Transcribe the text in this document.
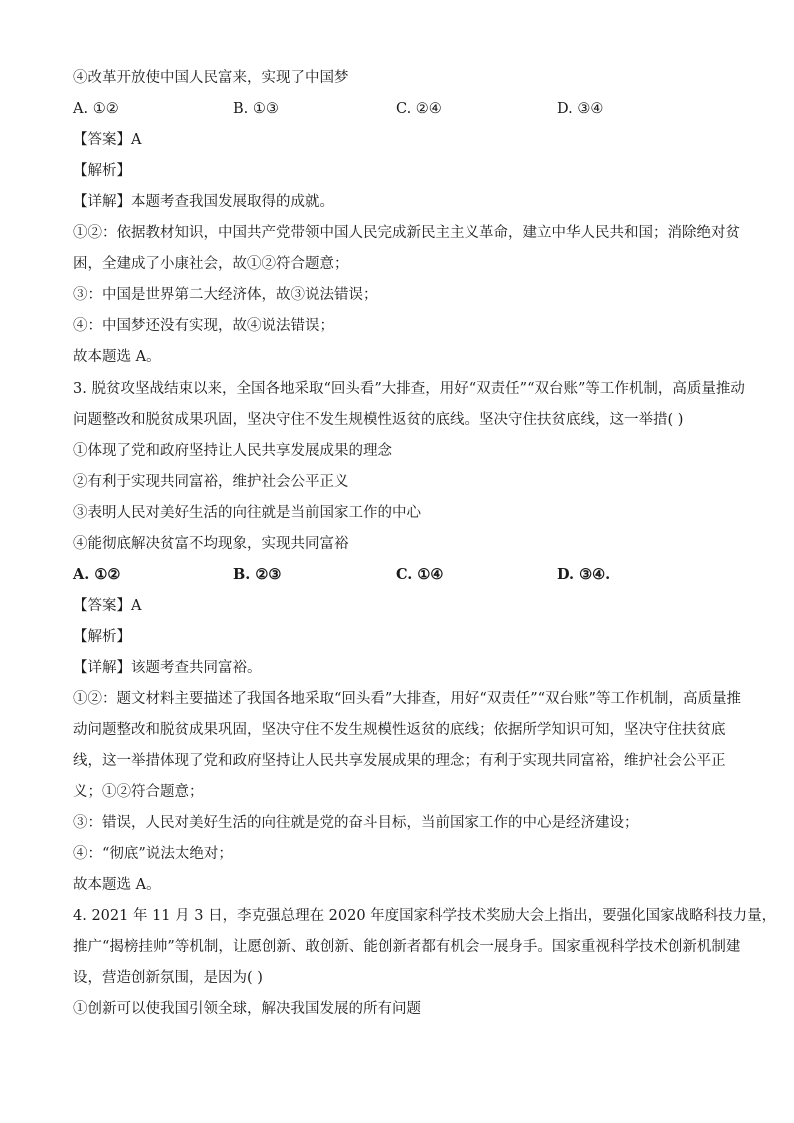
④改革开放使中国人民富来，实现了中国梦
A. ①②	B. ①③	C. ②④	D. ③④
【答案】A
【解析】
【详解】本题考查我国发展取得的成就。
①②：依据教材知识，中国共产党带领中国人民完成新民主主义革命，建立中华人民共和国；消除绝对贫
困，全建成了小康社会，故①②符合题意；
③：中国是世界第二大经济体，故③说法错误；
④：中国梦还没有实现，故④说法错误；
故本题选 A。
3. 脱贫攻坚战结束以来，全国各地采取“回头看”大排查，用好“双责任”“双台账”等工作机制，高质量推动
问题整改和脱贫成果巩固，坚决守住不发生规模性返贫的底线。坚决守住扶贫底线，这一举措( )
①体现了党和政府坚持让人民共享发展成果的理念
②有利于实现共同富裕，维护社会公平正义
③表明人民对美好生活的向往就是当前国家工作的中心
④能彻底解决贫富不均现象，实现共同富裕
A. ①②	B. ②③	C. ①④	D. ③④.
【答案】A
【解析】
【详解】该题考查共同富裕。
①②：题文材料主要描述了我国各地采取“回头看”大排查，用好“双责任”“双台账”等工作机制，高质量推
动问题整改和脱贫成果巩固，坚决守住不发生规模性返贫的底线；依据所学知识可知，坚决守住扶贫底
线，这一举措体现了党和政府坚持让人民共享发展成果的理念；有利于实现共同富裕，维护社会公平正
义；①②符合题意；
③：错误，人民对美好生活的向往就是党的奋斗目标，当前国家工作的中心是经济建设；
④：“彻底”说法太绝对；
故本题选 A。
4. 2021 年 11 月 3 日，李克强总理在 2020 年度国家科学技术奖励大会上指出，要强化国家战略科技力量，
推广“揭榜挂帅”等机制，让愿创新、敢创新、能创新者都有机会一展身手。国家重视科学技术创新机制建
设，营造创新氛围，是因为( )
①创新可以使我国引领全球，解决我国发展的所有问题
